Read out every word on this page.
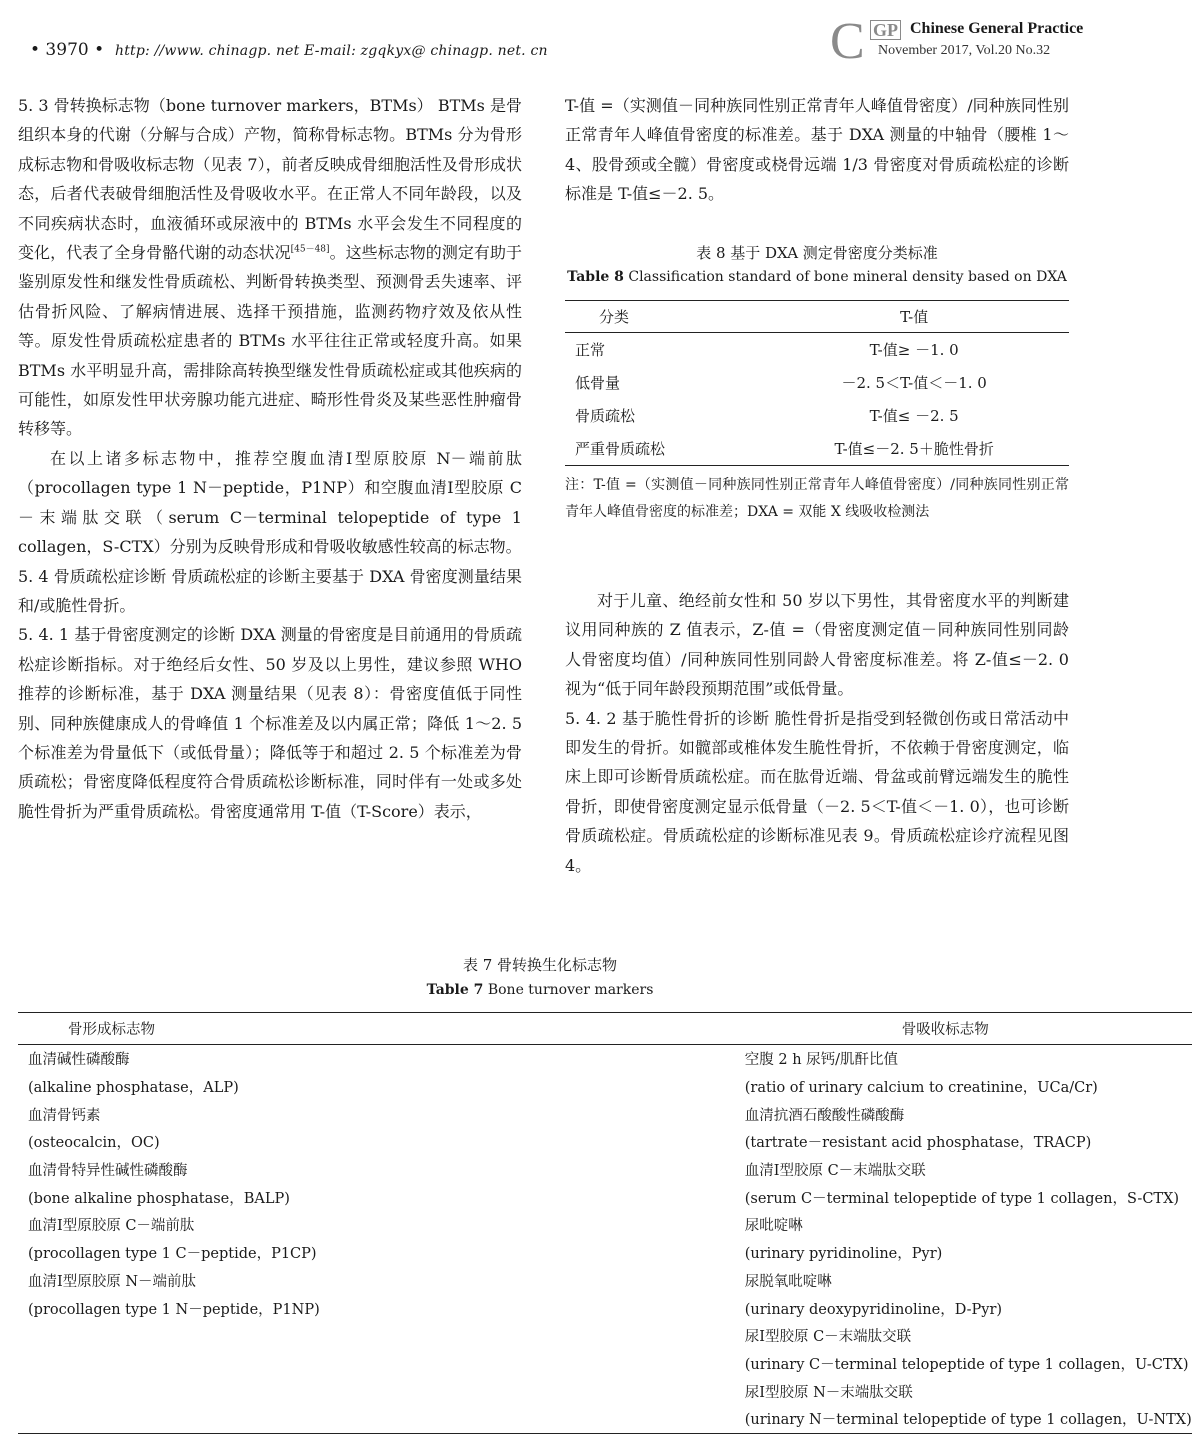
• 3970 • http: //www. chinagp. net E-mail: zgqkyx@ chinagp. net. cn	C GP Chinese General Practice
November 2017, Vol.20 No.32

5. 3 骨转换标志物（bone turnover markers，BTMs） BTMs 是骨组织本身的代谢（分解与合成）产物，简称骨标志物。BTMs 分为骨形成标志物和骨吸收标志物（见表 7），前者反映成骨细胞活性及骨形成状态，后者代表破骨细胞活性及骨吸收水平。在正常人不同年龄段，以及不同疾病状态时，血液循环或尿液中的 BTMs 水平会发生不同程度的变化，代表了全身骨骼代谢的动态状况[45－48]。这些标志物的测定有助于鉴别原发性和继发性骨质疏松、判断骨转换类型、预测骨丢失速率、评估骨折风险、了解病情进展、选择干预措施，监测药物疗效及依从性等。原发性骨质疏松症患者的 BTMs 水平往往正常或轻度升高。如果 BTMs 水平明显升高，需排除高转换型继发性骨质疏松症或其他疾病的可能性，如原发性甲状旁腺功能亢进症、畸形性骨炎及某些恶性肿瘤骨转移等。

在以上诸多标志物中，推荐空腹血清Ⅰ型原胶原 N－端前肽（procollagen type 1 N－peptide，P1NP）和空腹血清Ⅰ型胶原 C－末端肽交联（serum C－terminal telopeptide of type 1 collagen，S-CTX）分别为反映骨形成和骨吸收敏感性较高的标志物。

5. 4 骨质疏松症诊断 骨质疏松症的诊断主要基于 DXA 骨密度测量结果和/或脆性骨折。

5. 4. 1 基于骨密度测定的诊断 DXA 测量的骨密度是目前通用的骨质疏松症诊断指标。对于绝经后女性、50 岁及以上男性，建议参照 WHO 推荐的诊断标准，基于 DXA 测量结果（见表 8）：骨密度值低于同性别、同种族健康成人的骨峰值 1 个标准差及以内属正常；降低 1～2. 5 个标准差为骨量低下（或低骨量）；降低等于和超过 2. 5 个标准差为骨质疏松；骨密度降低程度符合骨质疏松诊断标准，同时伴有一处或多处脆性骨折为严重骨质疏松。骨密度通常用 T-值（T-Score）表示，

T-值 =（实测值－同种族同性别正常青年人峰值骨密度）/同种族同性别正常青年人峰值骨密度的标准差。基于 DXA 测量的中轴骨（腰椎 1～4、股骨颈或全髋）骨密度或桡骨远端 1/3 骨密度对骨质疏松症的诊断标准是 T-值≤－2. 5。

表 8 基于 DXA 测定骨密度分类标准
Table 8 Classification standard of bone mineral density based on DXA
分类	T-值
正常	T-值≥ －1. 0
低骨量	－2. 5＜T-值＜－1. 0
骨质疏松	T-值≤ －2. 5
严重骨质疏松	T-值≤－2. 5＋脆性骨折
注：T-值 =（实测值－同种族同性别正常青年人峰值骨密度）/同种族同性别正常青年人峰值骨密度的标准差；DXA = 双能 X 线吸收检测法

对于儿童、绝经前女性和 50 岁以下男性，其骨密度水平的判断建议用同种族的 Z 值表示，Z-值 =（骨密度测定值－同种族同性别同龄人骨密度均值）/同种族同性别同龄人骨密度标准差。将 Z-值≤－2. 0 视为“低于同年龄段预期范围”或低骨量。

5. 4. 2 基于脆性骨折的诊断 脆性骨折是指受到轻微创伤或日常活动中即发生的骨折。如髋部或椎体发生脆性骨折，不依赖于骨密度测定，临床上即可诊断骨质疏松症。而在肱骨近端、骨盆或前臂远端发生的脆性骨折，即使骨密度测定显示低骨量（－2. 5＜T-值＜－1. 0），也可诊断骨质疏松症。骨质疏松症的诊断标准见表 9。骨质疏松症诊疗流程见图 4。

表 7 骨转换生化标志物
Table 7 Bone turnover markers
骨形成标志物	骨吸收标志物
血清碱性磷酸酶	空腹 2 h 尿钙/肌酐比值
(alkaline phosphatase，ALP)	(ratio of urinary calcium to creatinine，UCa/Cr)
血清骨钙素	血清抗酒石酸酸性磷酸酶
(osteocalcin，OC)	(tartrate－resistant acid phosphatase，TRACP)
血清骨特异性碱性磷酸酶	血清Ⅰ型胶原 C－末端肽交联
(bone alkaline phosphatase，BALP)	(serum C－terminal telopeptide of type 1 collagen，S-CTX)
血清Ⅰ型原胶原 C－端前肽	尿吡啶啉
(procollagen type 1 C－peptide，P1CP)	(urinary pyridinoline，Pyr)
血清Ⅰ型原胶原 N－端前肽	尿脱氧吡啶啉
(procollagen type 1 N－peptide，P1NP)	(urinary deoxypyridinoline，D-Pyr)
	尿Ⅰ型胶原 C－末端肽交联
	(urinary C－terminal telopeptide of type 1 collagen，U-CTX)
	尿Ⅰ型胶原 N－末端肽交联
	(urinary N－terminal telopeptide of type 1 collagen，U-NTX)
